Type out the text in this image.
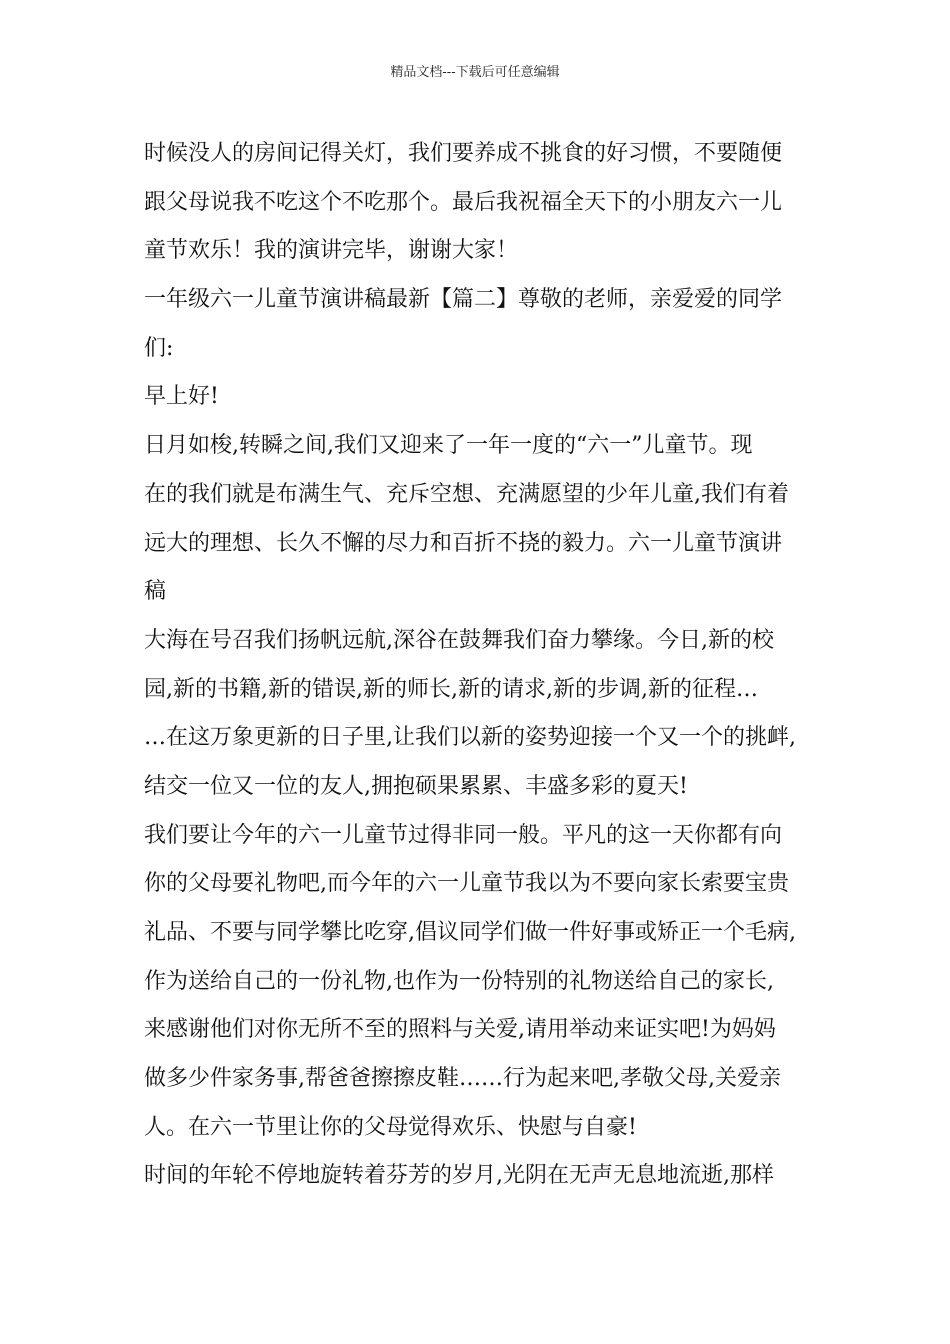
精品文档---下载后可任意编辑
时候没人的房间记得关灯，我们要养成不挑食的好习惯，不要随便
跟父母说我不吃这个不吃那个。最后我祝福全天下的小朋友六一儿
童节欢乐！我的演讲完毕，谢谢大家！
一年级六一儿童节演讲稿最新【篇二】尊敬的老师，亲爱爱的同学
们:
早上好!
日月如梭,转瞬之间,我们又迎来了一年一度的“六一”儿童节。现
在的我们就是布满生气、充斥空想、充满愿望的少年儿童,我们有着
远大的理想、长久不懈的尽力和百折不挠的毅力。六一儿童节演讲
稿
大海在号召我们扬帆远航,深谷在鼓舞我们奋力攀缘。今日,新的校
园,新的书籍,新的错误,新的师长,新的请求,新的步调,新的征程…
…在这万象更新的日子里,让我们以新的姿势迎接一个又一个的挑衅,
结交一位又一位的友人,拥抱硕果累累、丰盛多彩的夏天!
我们要让今年的六一儿童节过得非同一般。平凡的这一天你都有向
你的父母要礼物吧,而今年的六一儿童节我以为不要向家长索要宝贵
礼品、不要与同学攀比吃穿,倡议同学们做一件好事或矫正一个毛病,
作为送给自己的一份礼物,也作为一份特别的礼物送给自己的家长,
来感谢他们对你无所不至的照料与关爱,请用举动来证实吧!为妈妈
做多少件家务事,帮爸爸擦擦皮鞋……行为起来吧,孝敬父母,关爱亲
人。在六一节里让你的父母觉得欢乐、快慰与自豪!
时间的年轮不停地旋转着芬芳的岁月,光阴在无声无息地流逝,那样
